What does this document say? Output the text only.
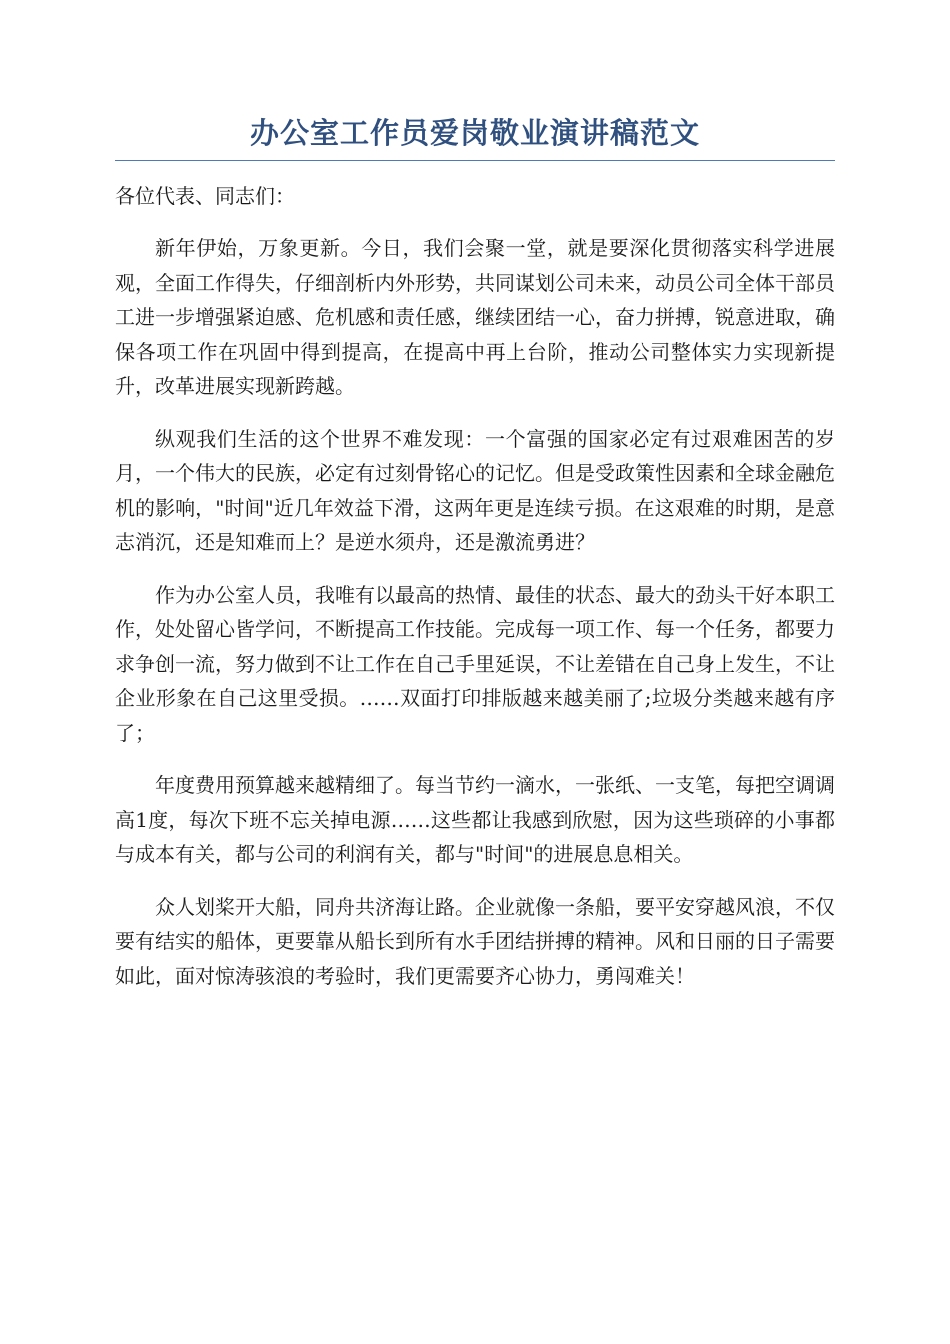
办公室工作员爱岗敬业演讲稿范文

各位代表、同志们：

新年伊始，万象更新。今日，我们会聚一堂，就是要深化贯彻落实科学进展观，全面工作得失，仔细剖析内外形势，共同谋划公司未来，动员公司全体干部员工进一步增强紧迫感、危机感和责任感，继续团结一心，奋力拼搏，锐意进取，确保各项工作在巩固中得到提高，在提高中再上台阶，推动公司整体实力实现新提升，改革进展实现新跨越。

纵观我们生活的这个世界不难发现：一个富强的国家必定有过艰难困苦的岁月，一个伟大的民族，必定有过刻骨铭心的记忆。但是受政策性因素和全球金融危机的影响，"时间"近几年效益下滑，这两年更是连续亏损。在这艰难的时期，是意志消沉，还是知难而上？是逆水须舟，还是激流勇进？

作为办公室人员，我唯有以最高的热情、最佳的状态、最大的劲头干好本职工作，处处留心皆学问，不断提高工作技能。完成每一项工作、每一个任务，都要力求争创一流，努力做到不让工作在自己手里延误，不让差错在自己身上发生，不让企业形象在自己这里受损。……双面打印排版越来越美丽了;垃圾分类越来越有序了；

年度费用预算越来越精细了。每当节约一滴水，一张纸、一支笔，每把空调调高1度，每次下班不忘关掉电源……这些都让我感到欣慰，因为这些琐碎的小事都与成本有关，都与公司的利润有关，都与"时间"的进展息息相关。

众人划桨开大船，同舟共济海让路。企业就像一条船，要平安穿越风浪，不仅要有结实的船体，更要靠从船长到所有水手团结拼搏的精神。风和日丽的日子需要如此，面对惊涛骇浪的考验时，我们更需要齐心协力，勇闯难关！
